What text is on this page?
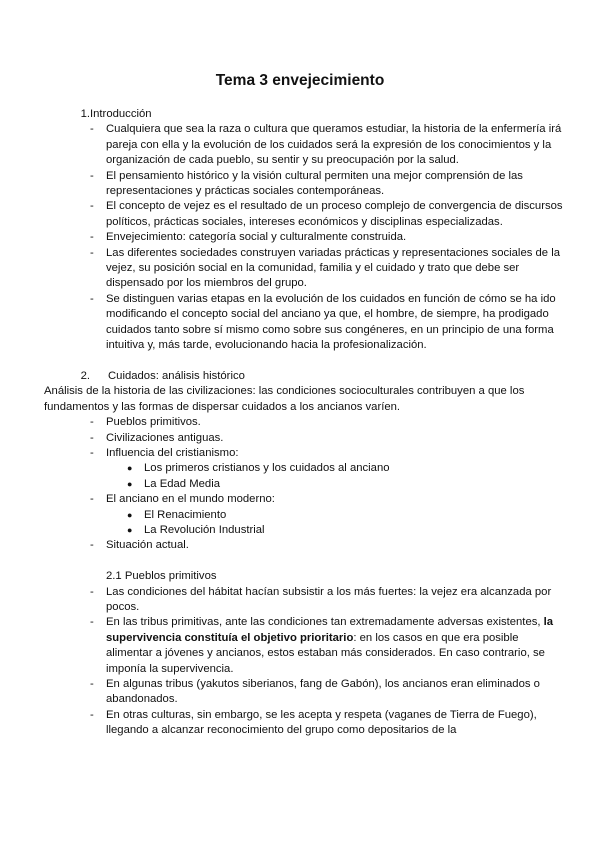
Tema 3 envejecimiento
1. Introducción
- Cualquiera que sea la raza o cultura que queramos estudiar, la historia de la enfermería irá pareja con ella y la evolución de los cuidados será la expresión de los conocimientos y la organización de cada pueblo, su sentir y su preocupación por la salud.
- El pensamiento histórico y la visión cultural permiten una mejor comprensión de las representaciones y prácticas sociales contemporáneas.
- El concepto de vejez es el resultado de un proceso complejo de convergencia de discursos políticos, prácticas sociales, intereses económicos y disciplinas especializadas.
- Envejecimiento: categoría social y culturalmente construida.
- Las diferentes sociedades construyen variadas prácticas y representaciones sociales de la vejez, su posición social en la comunidad, familia y el cuidado y trato que debe ser dispensado por los miembros del grupo.
- Se distinguen varias etapas en la evolución de los cuidados en función de cómo se ha ido modificando el concepto social del anciano ya que, el hombre, de siempre, ha prodigado cuidados tanto sobre sí mismo como sobre sus congéneres, en un principio de una forma intuitiva y, más tarde, evolucionando hacia la profesionalización.
2. Cuidados: análisis histórico
Análisis de la historia de las civilizaciones: las condiciones socioculturales contribuyen a que los fundamentos y las formas de dispersar cuidados a los ancianos varíen.
- Pueblos primitivos.
- Civilizaciones antiguas.
- Influencia del cristianismo:
● Los primeros cristianos y los cuidados al anciano
● La Edad Media
- El anciano en el mundo moderno:
● El Renacimiento
● La Revolución Industrial
- Situación actual.
2.1 Pueblos primitivos
- Las condiciones del hábitat hacían subsistir a los más fuertes: la vejez era alcanzada por pocos.
- En las tribus primitivas, ante las condiciones tan extremadamente adversas existentes, la supervivencia constituía el objetivo prioritario: en los casos en que era posible alimentar a jóvenes y ancianos, estos estaban más considerados. En caso contrario, se imponía la supervivencia.
- En algunas tribus (yakutos siberianos, fang de Gabón), los ancianos eran eliminados o abandonados.
- En otras culturas, sin embargo, se les acepta y respeta (vaganes de Tierra de Fuego), llegando a alcanzar reconocimiento del grupo como depositarios de la
